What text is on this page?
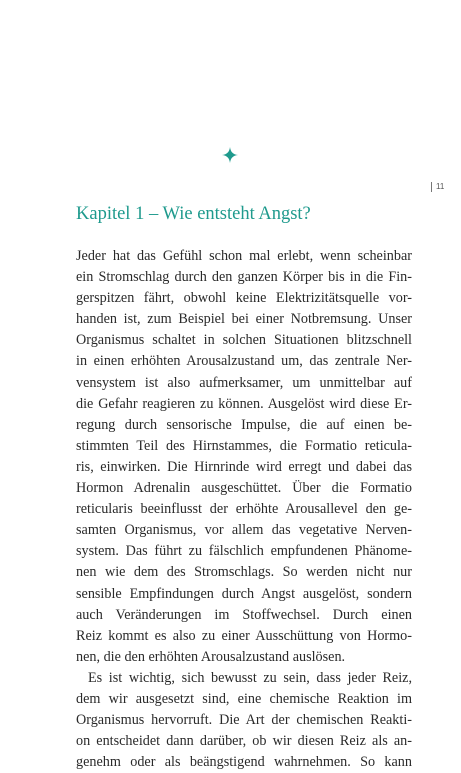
11
Kapitel 1 – Wie entsteht Angst?
Jeder hat das Gefühl schon mal erlebt, wenn scheinbar
ein Stromschlag durch den ganzen Körper bis in die Fin-
gerspitzen fährt, obwohl keine Elektrizitätsquelle vor-
handen ist, zum Beispiel bei einer Notbremsung. Unser
Organismus schaltet in solchen Situationen blitzschnell
in einen erhöhten Arousalzustand um, das zentrale Ner-
vensystem ist also aufmerksamer, um unmittelbar auf
die Gefahr reagieren zu können. Ausgelöst wird diese Er-
regung durch sensorische Impulse, die auf einen be-
stimmten Teil des Hirnstammes, die Formatio reticula-
ris, einwirken. Die Hirnrinde wird erregt und dabei das
Hormon Adrenalin ausgeschüttet. Über die Formatio
reticularis beeinflusst der erhöhte Arousallevel den ge-
samten Organismus, vor allem das vegetative Nerven-
system. Das führt zu fälschlich empfundenen Phänome-
nen wie dem des Stromschlags. So werden nicht nur
sensible Empfindungen durch Angst ausgelöst, sondern
auch Veränderungen im Stoffwechsel. Durch einen
Reiz kommt es also zu einer Ausschüttung von Hormo-
nen, die den erhöhten Arousalzustand auslösen.
Es ist wichtig, sich bewusst zu sein, dass jeder Reiz,
dem wir ausgesetzt sind, eine chemische Reaktion im
Organismus hervorruft. Die Art der chemischen Reakti-
on entscheidet dann darüber, ob wir diesen Reiz als an-
genehm oder als beängstigend wahrnehmen. So kann
